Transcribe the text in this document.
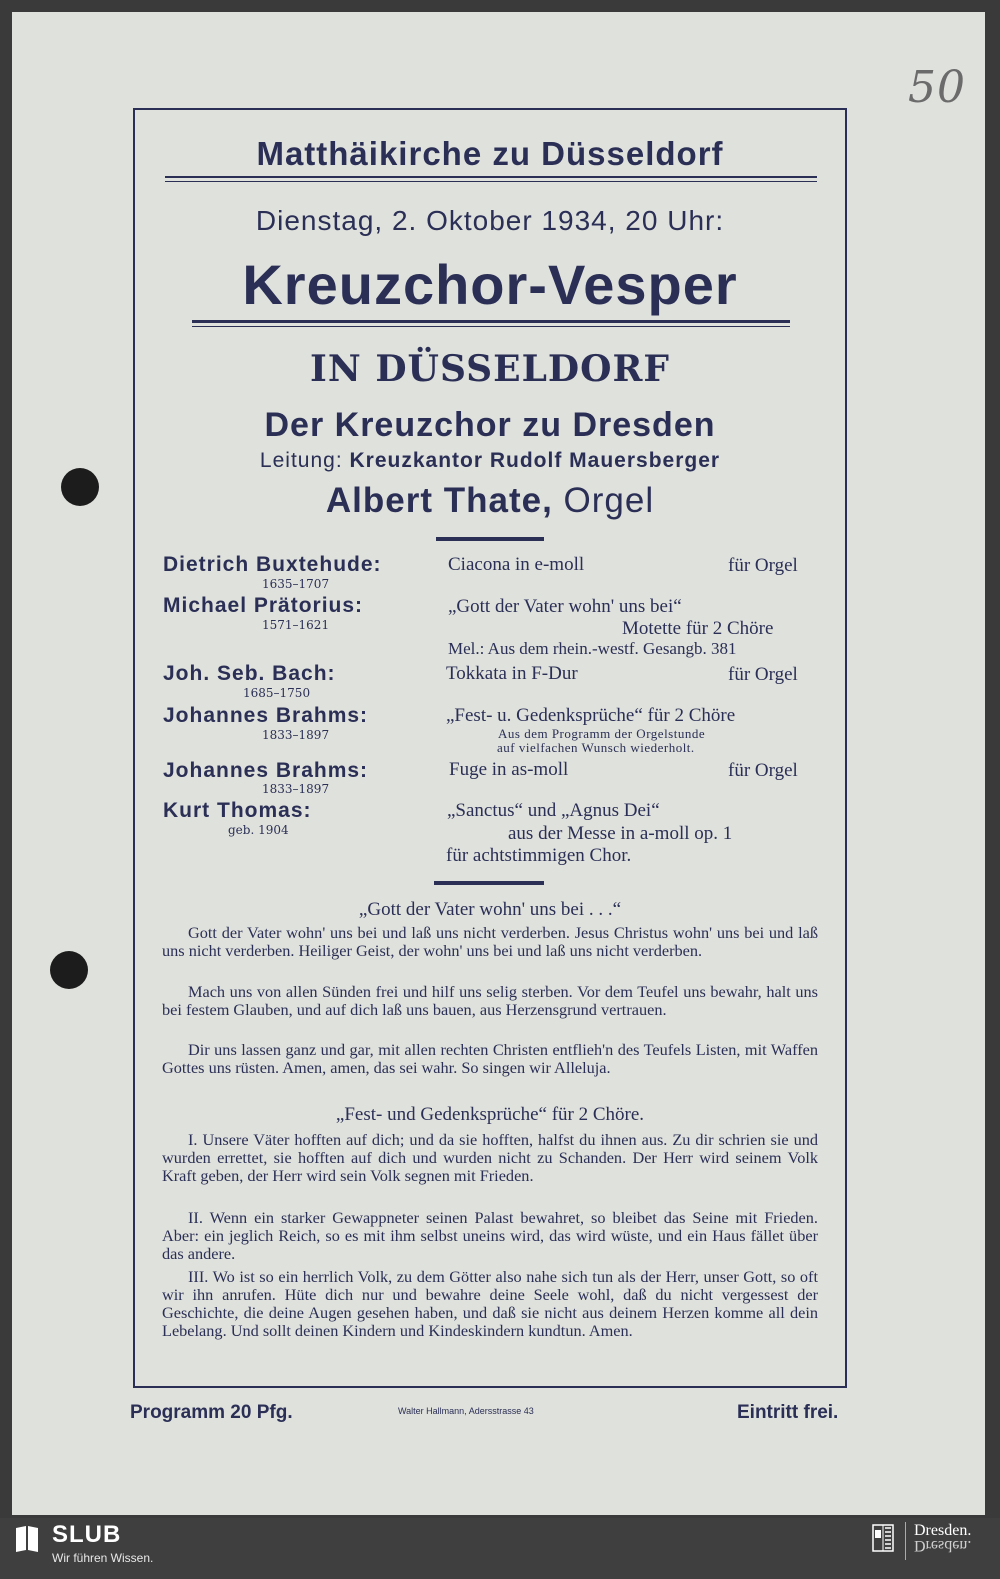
50
Matthäikirche zu Düsseldorf
Dienstag, 2. Oktober 1934, 20 Uhr:
Kreuzchor-Vesper
IN DÜSSELDORF
Der Kreuzchor zu Dresden
Leitung: Kreuzkantor Rudolf Mauersberger
Albert Thate, Orgel
Dietrich Buxtehude:
1635–1707
Ciacona in e-moll	für Orgel
Michael Prätorius:
1571–1621
„Gott der Vater wohn' uns bei“
Motette für 2 Chöre
Mel.: Aus dem rhein.-westf. Gesangb. 381
Joh. Seb. Bach:
1685–1750
Tokkata in F-Dur	für Orgel
Johannes Brahms:
1833–1897
„Fest- u. Gedenksprüche“ für 2 Chöre
Aus dem Programm der Orgelstunde
auf vielfachen Wunsch wiederholt.
Johannes Brahms:
1833–1897
Fuge in as-moll	für Orgel
Kurt Thomas:
geb. 1904
„Sanctus“ und „Agnus Dei“
aus der Messe in a-moll op. 1
für achtstimmigen Chor.
„Gott der Vater wohn' uns bei . . .“
Gott der Vater wohn' uns bei und laß uns nicht verderben. Jesus Christus wohn' uns bei und laß uns nicht verderben. Heiliger Geist, der wohn' uns bei und laß uns nicht verderben.
Mach uns von allen Sünden frei und hilf uns selig sterben. Vor dem Teufel uns bewahr, halt uns bei festem Glauben, und auf dich laß uns bauen, aus Herzensgrund vertrauen.
Dir uns lassen ganz und gar, mit allen rechten Christen entflieh'n des Teufels Listen, mit Waffen Gottes uns rüsten. Amen, amen, das sei wahr. So singen wir Alleluja.
„Fest- und Gedenksprüche“ für 2 Chöre.
I. Unsere Väter hofften auf dich; und da sie hofften, halfst du ihnen aus. Zu dir schrien sie und wurden errettet, sie hofften auf dich und wurden nicht zu Schanden. Der Herr wird seinem Volk Kraft geben, der Herr wird sein Volk segnen mit Frieden.
II. Wenn ein starker Gewappneter seinen Palast bewahret, so bleibet das Seine mit Frieden. Aber: ein jeglich Reich, so es mit ihm selbst uneins wird, das wird wüste, und ein Haus fället über das andere.
III. Wo ist so ein herrlich Volk, zu dem Götter also nahe sich tun als der Herr, unser Gott, so oft wir ihn anrufen. Hüte dich nur und bewahre deine Seele wohl, daß du nicht vergessest der Geschichte, die deine Augen gesehen haben, und daß sie nicht aus deinem Herzen komme all dein Lebelang. Und sollt deinen Kindern und Kindeskindern kundtun. Amen.
Programm 20 Pfg.	Walter Hallmann, Adersstrasse 43	Eintritt frei.
SLUB
Wir führen Wissen.
Dresden.
Dresden.
